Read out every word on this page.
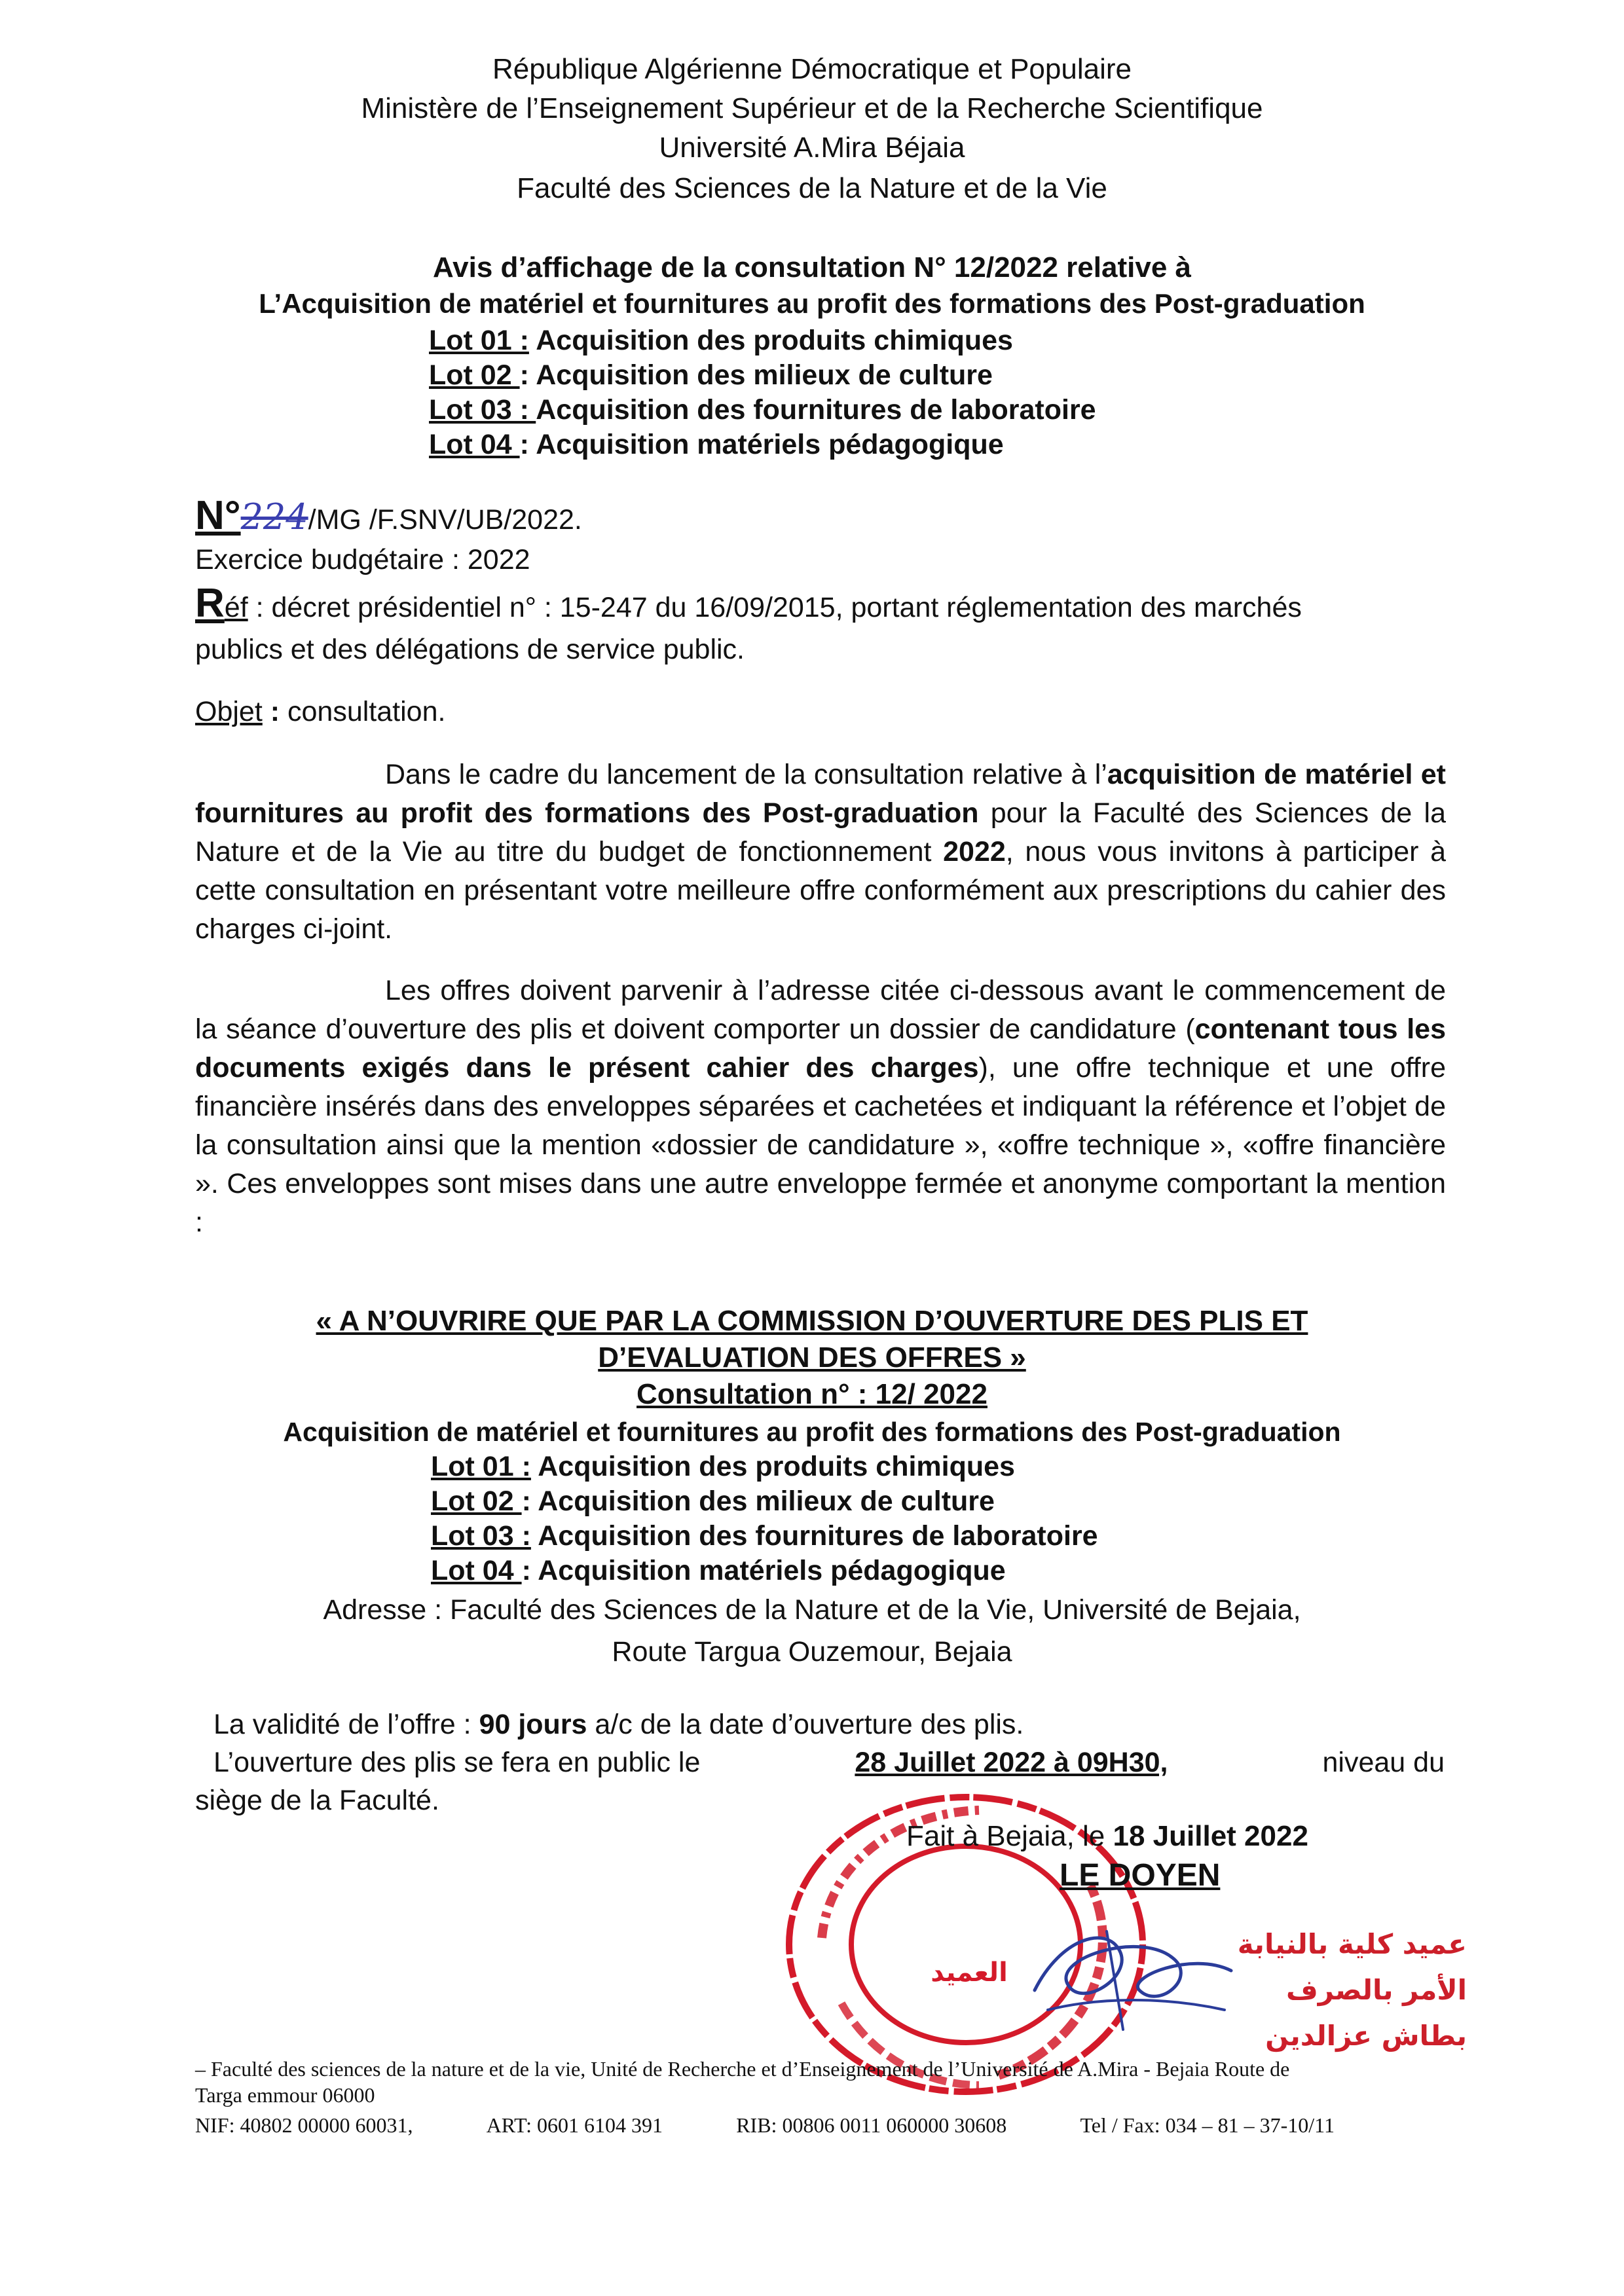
République Algérienne Démocratique et Populaire
Ministère de l’Enseignement Supérieur et de la Recherche Scientifique
Université A.Mira Béjaia
Faculté des Sciences de la Nature et de la Vie
Avis d’affichage de la consultation N° 12/2022 relative à
L’Acquisition de matériel et fournitures au profit des formations des Post-graduation
Lot 01 : Acquisition des produits chimiques
Lot 02 : Acquisition des milieux de culture
Lot 03 : Acquisition des fournitures de laboratoire
Lot 04 : Acquisition matériels pédagogique
N°224/MG /F.SNV/UB/2022.
Exercice budgétaire : 2022
Réf : décret présidentiel n° : 15-247 du 16/09/2015, portant réglementation des marchés
publics et des délégations de service public.
Objet : consultation.
Dans le cadre du lancement de la consultation relative à l’acquisition de matériel et fournitures au profit des formations des Post-graduation pour la Faculté des Sciences de la Nature et de la Vie au titre du budget de fonctionnement 2022, nous vous invitons à participer à cette consultation en présentant votre meilleure offre conformément aux prescriptions du cahier des charges ci-joint.
Les offres doivent parvenir à l’adresse citée ci-dessous avant le commencement de la séance d’ouverture des plis et doivent comporter un dossier de candidature (contenant tous les documents exigés dans le présent cahier des charges), une offre technique et une offre financière insérés dans des enveloppes séparées et cachetées et indiquant la référence et l’objet de la consultation ainsi que la mention «dossier de candidature », «offre technique », «offre financière ». Ces enveloppes sont mises dans une autre enveloppe fermée et anonyme comportant la mention :
« A N’OUVRIRE QUE PAR LA COMMISSION D’OUVERTURE DES PLIS ET
D’EVALUATION DES OFFRES »
Consultation n° : 12/ 2022
Acquisition de matériel et fournitures au profit des formations des Post-graduation
Lot 01 : Acquisition des produits chimiques
Lot 02 : Acquisition des milieux de culture
Lot 03 : Acquisition des fournitures de laboratoire
Lot 04 : Acquisition matériels pédagogique
Adresse : Faculté des Sciences de la Nature et de la Vie, Université de Bejaia,
Route Targua Ouzemour, Bejaia
La validité de l’offre : 90 jours a/c de la date d’ouverture des plis.
L’ouverture des plis se fera en public le	28 Juillet 2022 à 09H30,	niveau du
siège de la Faculté.
العميد
Fait à Bejaia, le 18 Juillet 2022
LE DOYEN
عميد كلية بالنيابة
الأمر بالصرف
بطاش عزالدين
– Faculté des sciences de la nature et de la vie, Unité de Recherche et d’Enseignement de l’Université de A.Mira - Bejaia Route de
Targa emmour 06000
NIF: 40802 00000 60031,	ART: 0601 6104 391	RIB: 00806 0011 060000 30608	Tel / Fax: 034 – 81 – 37-10/11
